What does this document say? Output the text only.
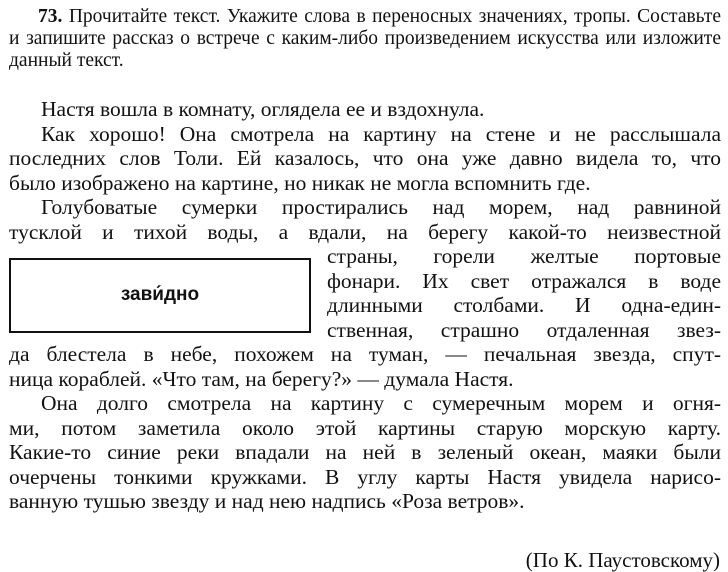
73. Прочитайте текст. Укажите слова в переносных значениях, тропы. Составьте и запишите рассказ о встрече с каким-либо произведением искусства или изложите данный текст.
Настя вошла в комнату, оглядела ее и вздохнула.
Как хорошо! Она смотрела на картину на стене и не расслышала
последних слов Толи. Ей казалось, что она уже давно видела то, что
было изображено на картине, но никак не могла вспомнить где.
Голубоватые сумерки простирались над морем, над равниной
тусклой и тихой воды, а вдали, на берегу какой-то неизвестной
зави́дно
страны, горели желтые портовые
фонари. Их свет отражался в воде
длинными столбами. И одна-един-
ственная, страшно отдаленная звез-
да блестела в небе, похожем на туман, — печальная звезда, спут-
ница кораблей. «Что там, на берегу?» — думала Настя.
Она долго смотрела на картину с сумеречным морем и огня-
ми, потом заметила около этой картины старую морскую карту.
Какие-то синие реки впадали на ней в зеленый океан, маяки были
очерчены тонкими кружками. В углу карты Настя увидела нарисо-
ванную тушью звезду и над нею надпись «Роза ветров».
(По К. Паустовскому)
